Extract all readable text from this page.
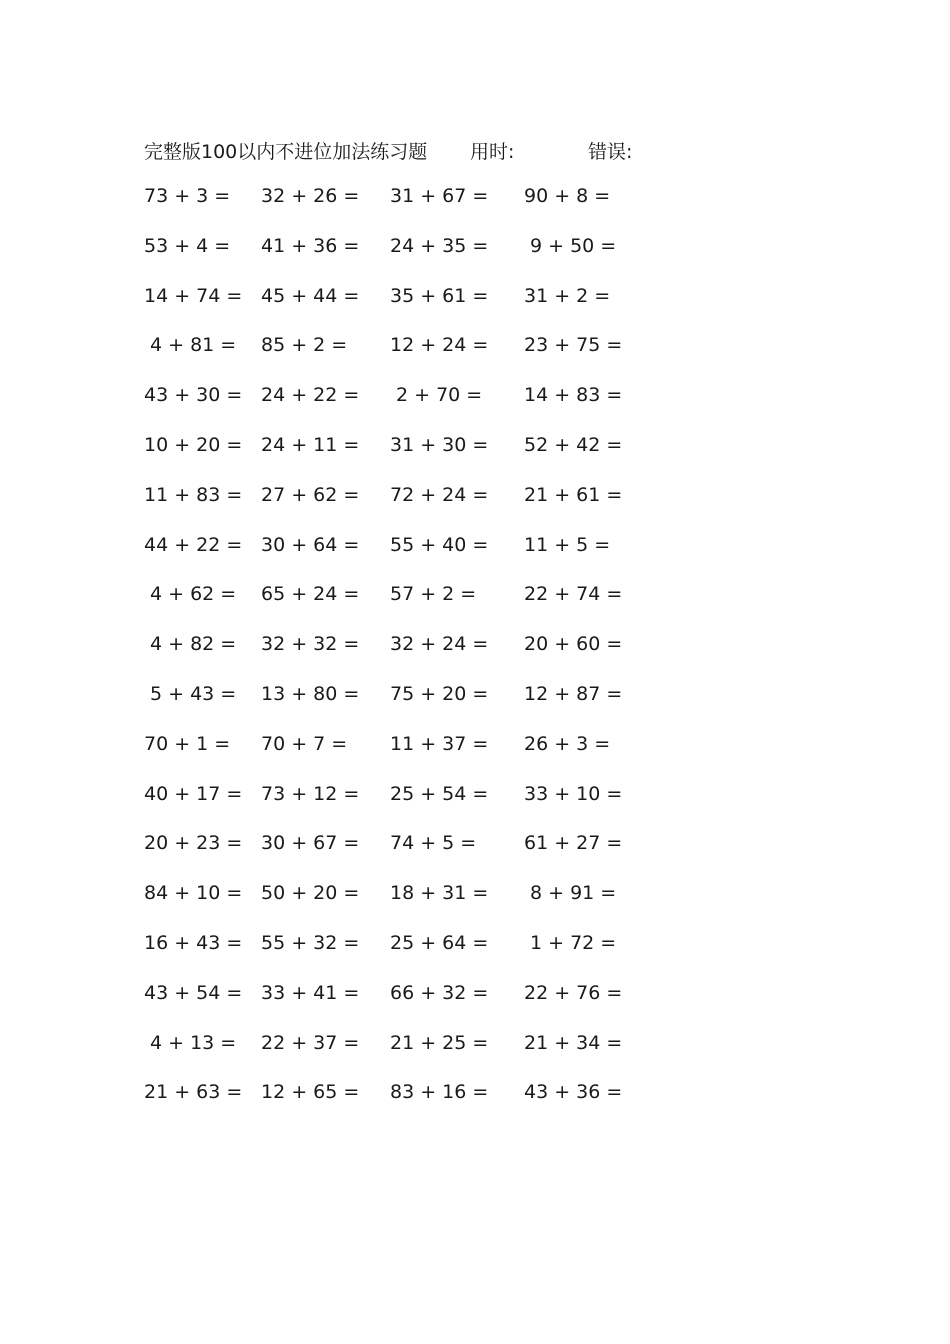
完整版100以内不进位加法练习题 用时:	错误:
73 + 3 = 32 + 26 = 31 + 67 = 90 + 8 =
53 + 4 = 41 + 36 = 24 + 35 = 9 + 50 =
14 + 74 = 45 + 44 = 35 + 61 = 31 + 2 =
4 + 81 = 85 + 2 = 12 + 24 = 23 + 75 =
43 + 30 = 24 + 22 = 2 + 70 = 14 + 83 =
10 + 20 = 24 + 11 = 31 + 30 = 52 + 42 =
11 + 83 = 27 + 62 = 72 + 24 = 21 + 61 =
44 + 22 = 30 + 64 = 55 + 40 = 11 + 5 =
4 + 62 = 65 + 24 = 57 + 2 =	22 + 74 =
4 + 82 = 32 + 32 = 32 + 24 = 20 + 60 =
5 + 43 = 13 + 80 = 75 + 20 = 12 + 87 =
70 + 1 = 70 + 7 = 11 + 37 = 26 + 3 =
40 + 17 = 73 + 12 = 25 + 54 = 33 + 10 =
20 + 23 = 30 + 67 = 74 + 5 =	61 + 27 =
84 + 10 = 50 + 20 = 18 + 31 = 8 + 91 =
16 + 43 = 55 + 32 = 25 + 64 = 1 + 72 =
43 + 54 = 33 + 41 = 66 + 32 = 22 + 76 =
4 + 13 = 22 + 37 = 21 + 25 = 21 + 34 =
21 + 63 = 12 + 65 = 83 + 16 = 43 + 36 =
